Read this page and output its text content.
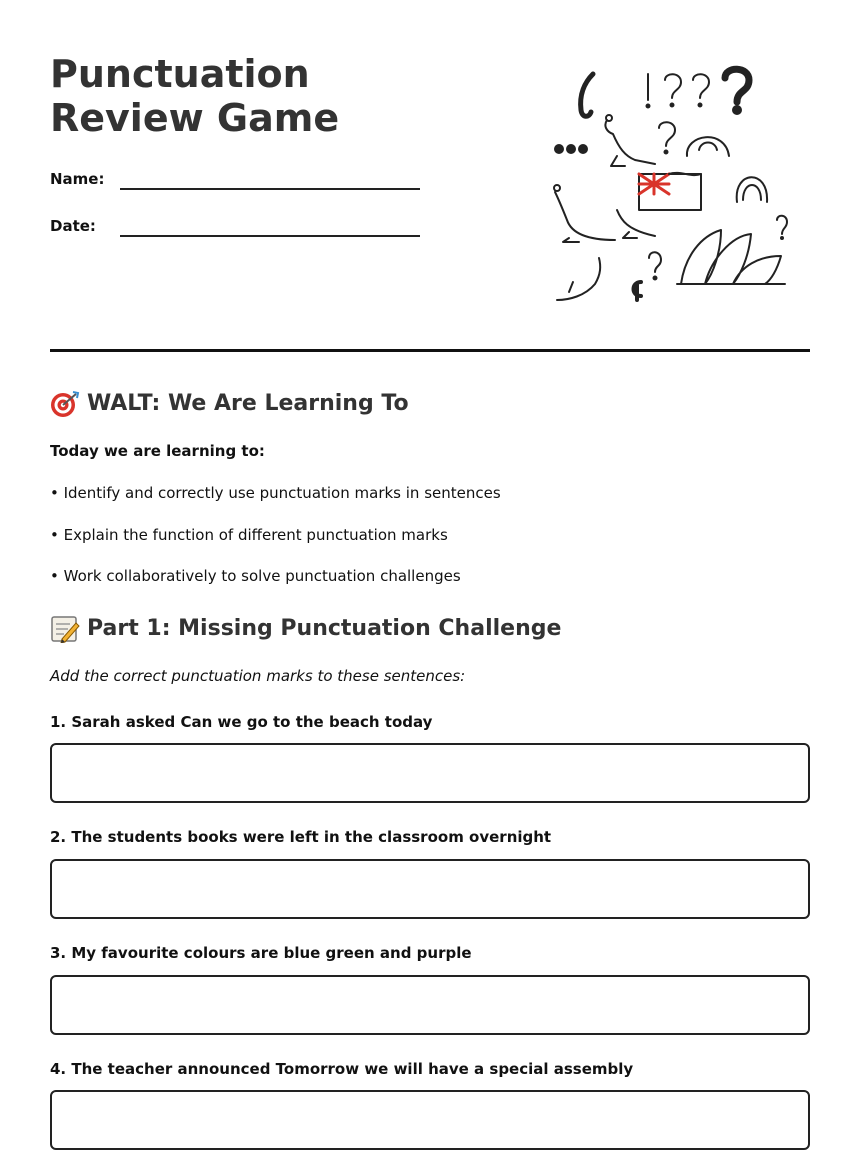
Punctuation Review Game
Name:
Date:
WALT: We Are Learning To

Today we are learning to:

• Identify and correctly use punctuation marks in sentences

• Explain the function of different punctuation marks

• Work collaboratively to solve punctuation challenges

Part 1: Missing Punctuation Challenge

Add the correct punctuation marks to these sentences:

1. Sarah asked Can we go to the beach today
2. The students books were left in the classroom overnight
3. My favourite colours are blue green and purple
4. The teacher announced Tomorrow we will have a special assembly
